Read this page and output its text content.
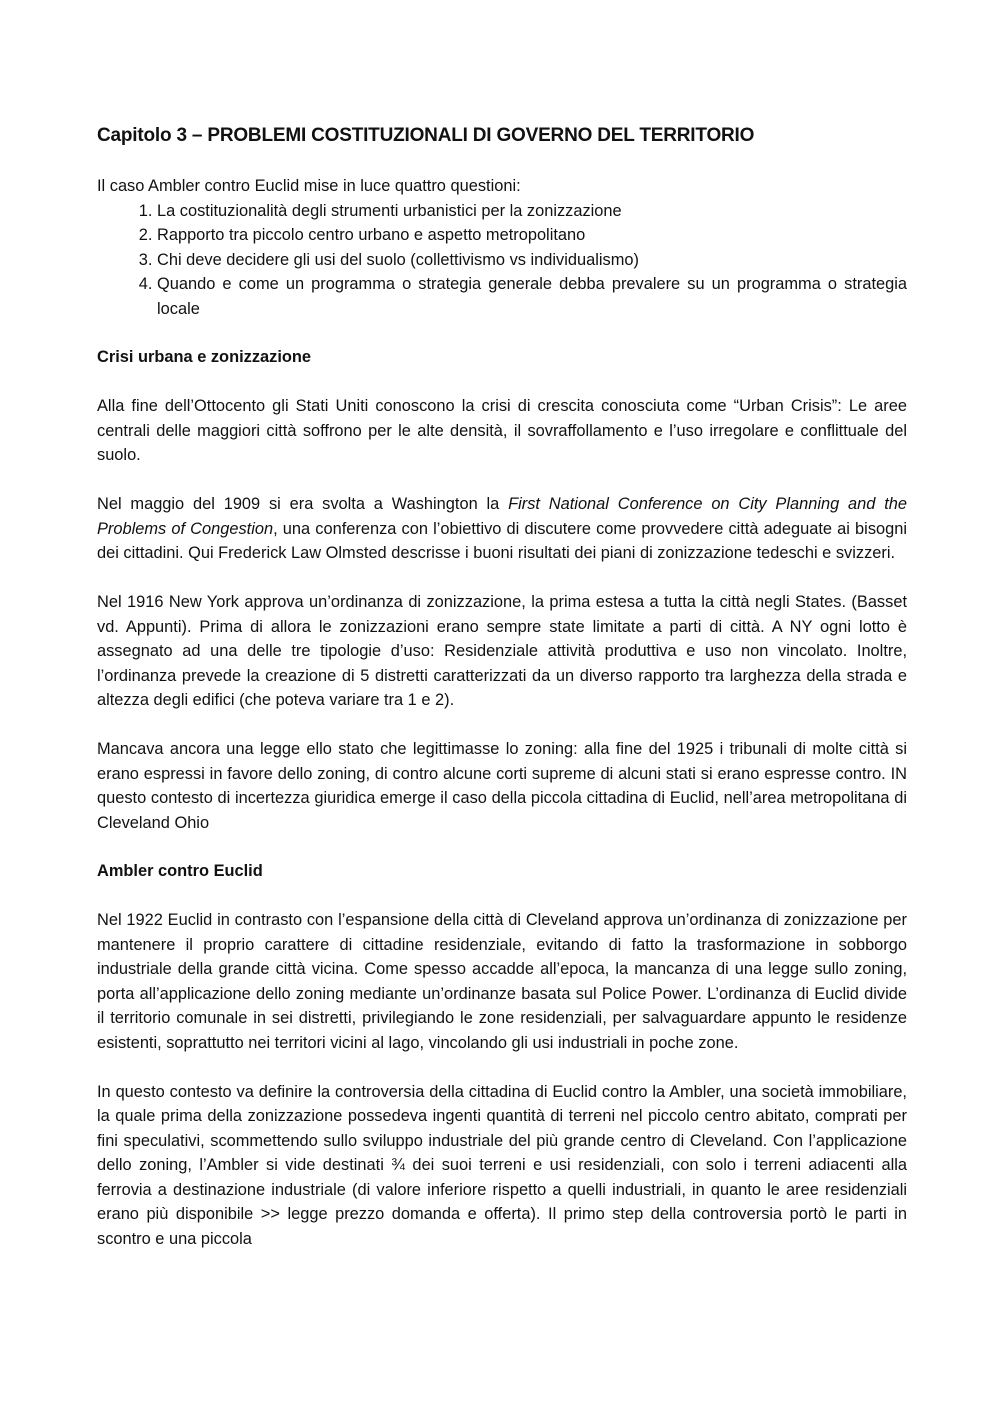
Capitolo 3 – PROBLEMI COSTITUZIONALI DI GOVERNO DEL TERRITORIO

Il caso Ambler contro Euclid mise in luce quattro questioni:

1. La costituzionalità degli strumenti urbanistici per la zonizzazione
2. Rapporto tra piccolo centro urbano e aspetto metropolitano
3. Chi deve decidere gli usi del suolo (collettivismo vs individualismo)
4. Quando e come un programma o strategia generale debba prevalere su un programma o strategia locale
Crisi urbana e zonizzazione

Alla fine dell’Ottocento gli Stati Uniti conoscono la crisi di crescita conosciuta come “Urban Crisis”: Le aree centrali delle maggiori città soffrono per le alte densità, il sovraffollamento e l’uso irregolare e conflittuale del suolo.

Nel maggio del 1909 si era svolta a Washington la First National Conference on City Planning and the Problems of Congestion, una conferenza con l’obiettivo di discutere come provvedere città adeguate ai bisogni dei cittadini. Qui Frederick Law Olmsted descrisse i buoni risultati dei piani di zonizzazione tedeschi e svizzeri.

Nel 1916 New York approva un’ordinanza di zonizzazione, la prima estesa a tutta la città negli States. (Basset vd. Appunti). Prima di allora le zonizzazioni erano sempre state limitate a parti di città. A NY ogni lotto è assegnato ad una delle tre tipologie d’uso: Residenziale attività produttiva e uso non vincolato. Inoltre, l’ordinanza prevede la creazione di 5 distretti caratterizzati da un diverso rapporto tra larghezza della strada e altezza degli edifici (che poteva variare tra 1 e 2).

Mancava ancora una legge ello stato che legittimasse lo zoning: alla fine del 1925 i tribunali di molte città si erano espressi in favore dello zoning, di contro alcune corti supreme di alcuni stati si erano espresse contro. IN questo contesto di incertezza giuridica emerge il caso della piccola cittadina di Euclid, nell’area metropolitana di Cleveland Ohio

Ambler contro Euclid

Nel 1922 Euclid in contrasto con l’espansione della città di Cleveland approva un’ordinanza di zonizzazione per mantenere il proprio carattere di cittadine residenziale, evitando di fatto la trasformazione in sobborgo industriale della grande città vicina. Come spesso accadde all’epoca, la mancanza di una legge sullo zoning, porta all’applicazione dello zoning mediante un’ordinanze basata sul Police Power. L’ordinanza di Euclid divide il territorio comunale in sei distretti, privilegiando le zone residenziali, per salvaguardare appunto le residenze esistenti, soprattutto nei territori vicini al lago, vincolando gli usi industriali in poche zone.

In questo contesto va definire la controversia della cittadina di Euclid contro la Ambler, una società immobiliare, la quale prima della zonizzazione possedeva ingenti quantità di terreni nel piccolo centro abitato, comprati per fini speculativi, scommettendo sullo sviluppo industriale del più grande centro di Cleveland. Con l’applicazione dello zoning, l’Ambler si vide destinati ¾ dei suoi terreni e usi residenziali, con solo i terreni adiacenti alla ferrovia a destinazione industriale (di valore inferiore rispetto a quelli industriali, in quanto le aree residenziali erano più disponibile >> legge prezzo domanda e offerta). Il primo step della controversia portò le parti in scontro e una piccola
